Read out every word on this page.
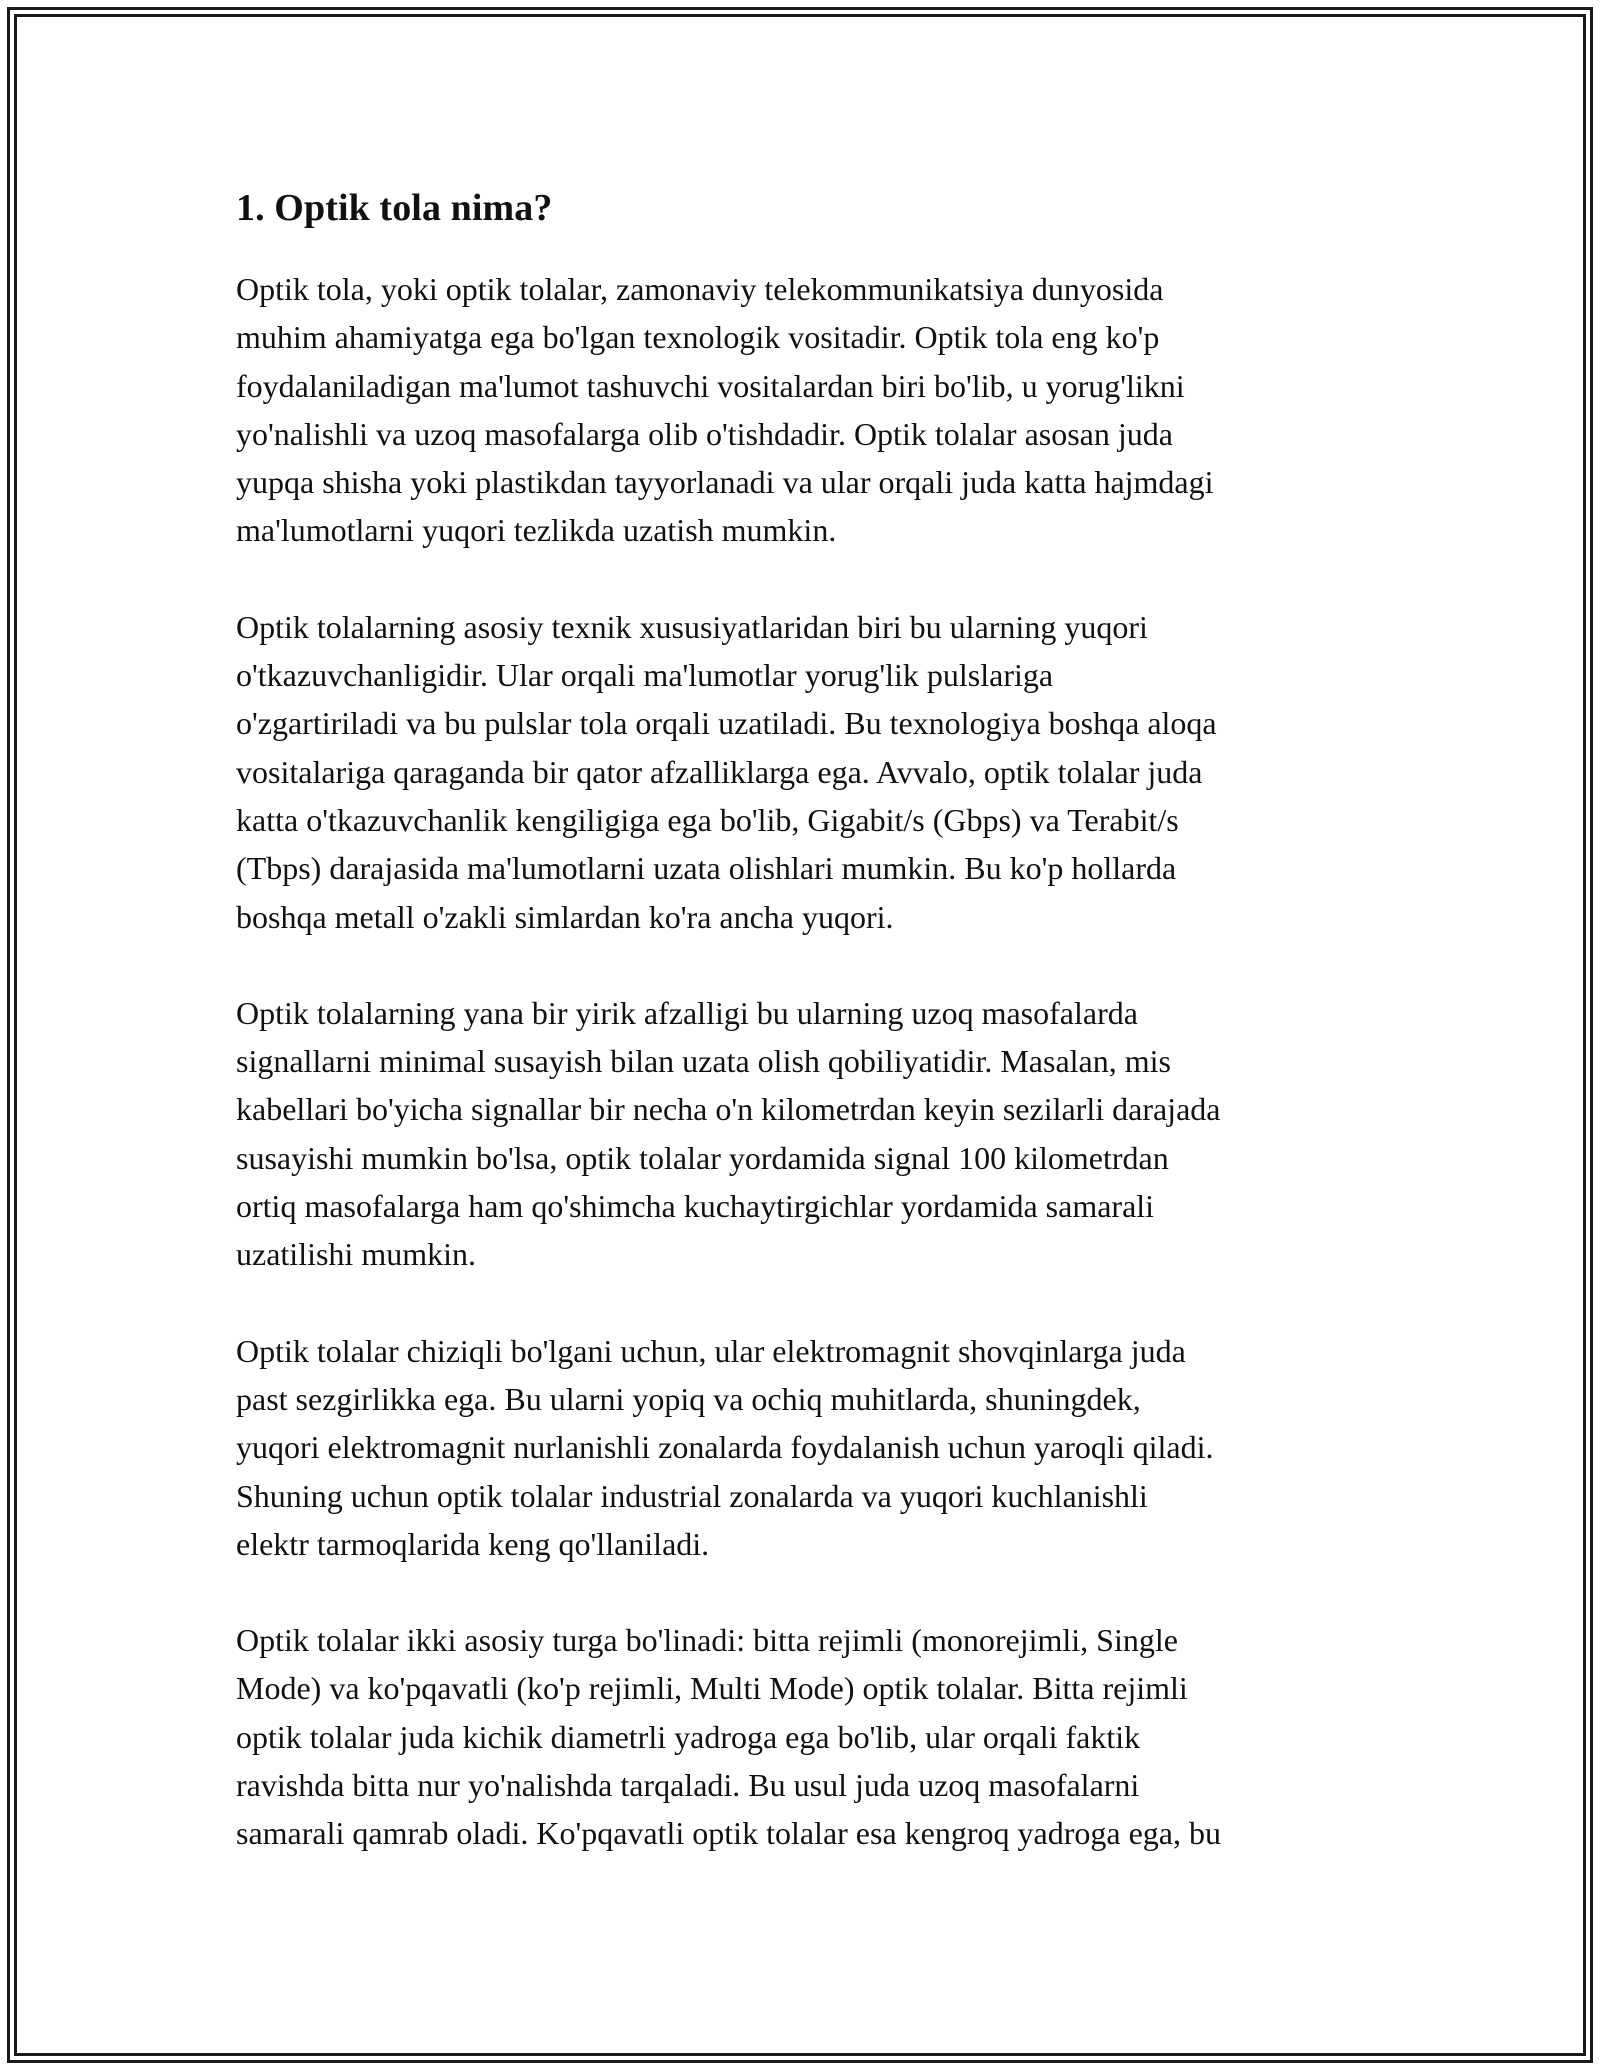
1. Optik tola nima?

Optik tola, yoki optik tolalar, zamonaviy telekommunikatsiya dunyosida
muhim ahamiyatga ega bo'lgan texnologik vositadir. Optik tola eng ko'p
foydalaniladigan ma'lumot tashuvchi vositalardan biri bo'lib, u yorug'likni
yo'nalishli va uzoq masofalarga olib o'tishdadir. Optik tolalar asosan juda
yupqa shisha yoki plastikdan tayyorlanadi va ular orqali juda katta hajmdagi
ma'lumotlarni yuqori tezlikda uzatish mumkin.

Optik tolalarning asosiy texnik xususiyatlaridan biri bu ularning yuqori
o'tkazuvchanligidir. Ular orqali ma'lumotlar yorug'lik pulslariga
o'zgartiriladi va bu pulslar tola orqali uzatiladi. Bu texnologiya boshqa aloqa
vositalariga qaraganda bir qator afzalliklarga ega. Avvalo, optik tolalar juda
katta o'tkazuvchanlik kengiligiga ega bo'lib, Gigabit/s (Gbps) va Terabit/s
(Tbps) darajasida ma'lumotlarni uzata olishlari mumkin. Bu ko'p hollarda
boshqa metall o'zakli simlardan ko'ra ancha yuqori.

Optik tolalarning yana bir yirik afzalligi bu ularning uzoq masofalarda
signallarni minimal susayish bilan uzata olish qobiliyatidir. Masalan, mis
kabellari bo'yicha signallar bir necha o'n kilometrdan keyin sezilarli darajada
susayishi mumkin bo'lsa, optik tolalar yordamida signal 100 kilometrdan
ortiq masofalarga ham qo'shimcha kuchaytirgichlar yordamida samarali
uzatilishi mumkin.

Optik tolalar chiziqli bo'lgani uchun, ular elektromagnit shovqinlarga juda
past sezgirlikka ega. Bu ularni yopiq va ochiq muhitlarda, shuningdek,
yuqori elektromagnit nurlanishli zonalarda foydalanish uchun yaroqli qiladi.
Shuning uchun optik tolalar industrial zonalarda va yuqori kuchlanishli
elektr tarmoqlarida keng qo'llaniladi.

Optik tolalar ikki asosiy turga bo'linadi: bitta rejimli (monorejimli, Single
Mode) va ko'pqavatli (ko'p rejimli, Multi Mode) optik tolalar. Bitta rejimli
optik tolalar juda kichik diametrli yadroga ega bo'lib, ular orqali faktik
ravishda bitta nur yo'nalishda tarqaladi. Bu usul juda uzoq masofalarni
samarali qamrab oladi. Ko'pqavatli optik tolalar esa kengroq yadroga ega, bu
